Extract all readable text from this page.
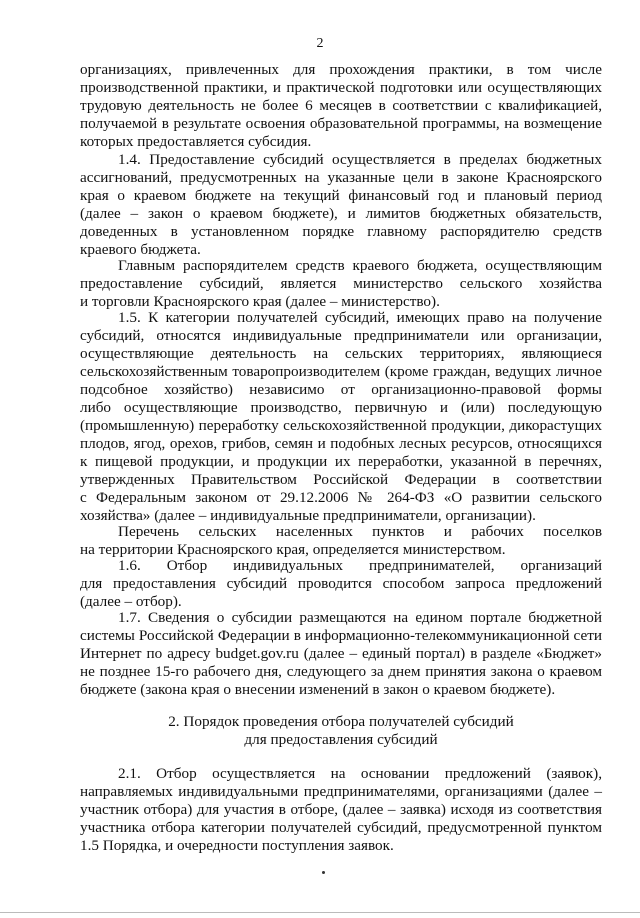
2
организациях, привлеченных для прохождения практики, в том числе
производственной практики, и практической подготовки или осуществляющих
трудовую деятельность не более 6 месяцев в соответствии с квалификацией,
получаемой в результате освоения образовательной программы, на возмещение
которых предоставляется субсидия.
1.4. Предоставление субсидий осуществляется в пределах бюджетных
ассигнований, предусмотренных на указанные цели в законе Красноярского
края о краевом бюджете на текущий финансовый год и плановый период
(далее – закон о краевом бюджете), и лимитов бюджетных обязательств,
доведенных в установленном порядке главному распорядителю средств
краевого бюджета.
Главным распорядителем средств краевого бюджета, осуществляющим
предоставление субсидий, является министерство сельского хозяйства
и торговли Красноярского края (далее – министерство).
1.5. К категории получателей субсидий, имеющих право на получение
субсидий, относятся индивидуальные предприниматели или организации,
осуществляющие деятельность на сельских территориях, являющиеся
сельскохозяйственным товаропроизводителем (кроме граждан, ведущих личное
подсобное хозяйство) независимо от организационно-правовой формы
либо осуществляющие производство, первичную и (или) последующую
(промышленную) переработку сельскохозяйственной продукции, дикорастущих
плодов, ягод, орехов, грибов, семян и подобных лесных ресурсов, относящихся
к пищевой продукции, и продукции их переработки, указанной в перечнях,
утвержденных Правительством Российской Федерации в соответствии
с Федеральным законом от 29.12.2006 № 264-ФЗ «О развитии сельского
хозяйства» (далее – индивидуальные предприниматели, организации).
Перечень сельских населенных пунктов и рабочих поселков
на территории Красноярского края, определяется министерством.
1.6. Отбор индивидуальных предпринимателей, организаций
для предоставления субсидий проводится способом запроса предложений
(далее – отбор).
1.7. Сведения о субсидии размещаются на едином портале бюджетной
системы Российской Федерации в информационно-телекоммуникационной сети
Интернет по адресу budget.gov.ru (далее – единый портал) в разделе «Бюджет»
не позднее 15-го рабочего дня, следующего за днем принятия закона о краевом
бюджете (закона края о внесении изменений в закон о краевом бюджете).
2. Порядок проведения отбора получателей субсидий
для предоставления субсидий
2.1. Отбор осуществляется на основании предложений (заявок),
направляемых индивидуальными предпринимателями, организациями (далее –
участник отбора) для участия в отборе, (далее – заявка) исходя из соответствия
участника отбора категории получателей субсидий, предусмотренной пунктом
1.5 Порядка, и очередности поступления заявок.
